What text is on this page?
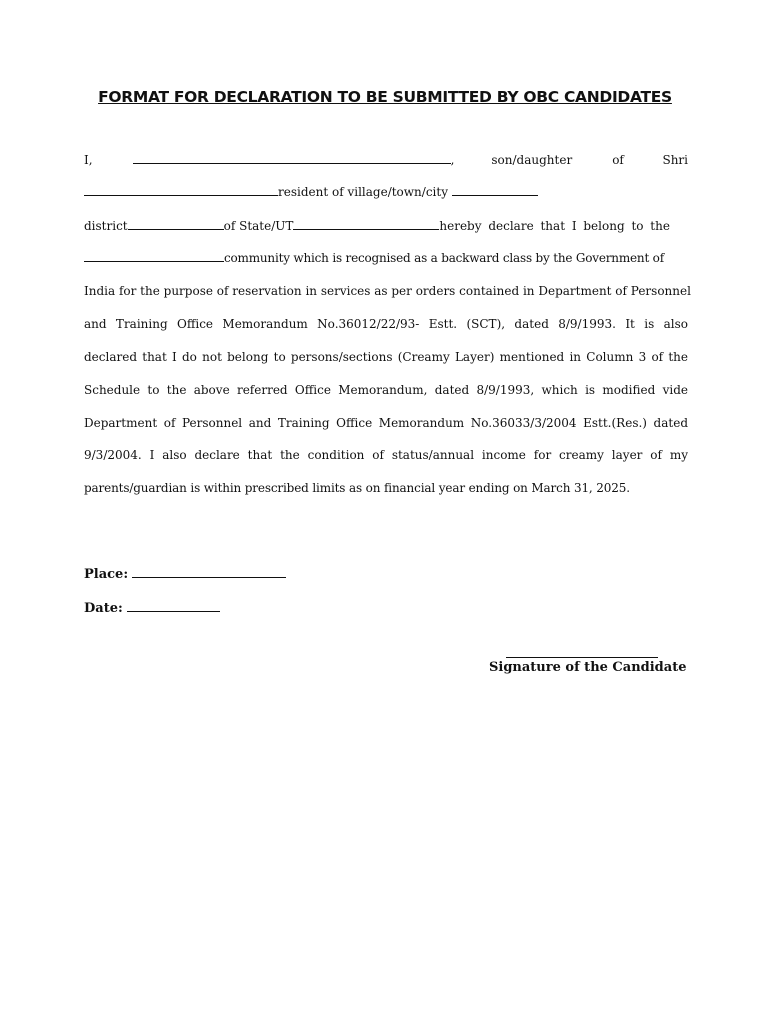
FORMAT FOR DECLARATION TO BE SUBMITTED BY OBC CANDIDATES
I,	,	son/daughter	of	Shri
resident of village/town/city
district	of State/UT	hereby declare that I belong to the
community which is recognised as a backward class by the Government of
India for the purpose of reservation in services as per orders contained in Department of Personnel
and Training Office Memorandum No.36012/22/93- Estt. (SCT), dated 8/9/1993. It is also
declared that I do not belong to persons/sections (Creamy Layer) mentioned in Column 3 of the
Schedule to the above referred Office Memorandum, dated 8/9/1993, which is modified vide
Department of Personnel and Training Office Memorandum No.36033/3/2004 Estt.(Res.) dated
9/3/2004. I also declare that the condition of status/annual income for creamy layer of my
parents/guardian is within prescribed limits as on financial year ending on March 31, 2025.
Place:
Date:
Signature of the Candidate
